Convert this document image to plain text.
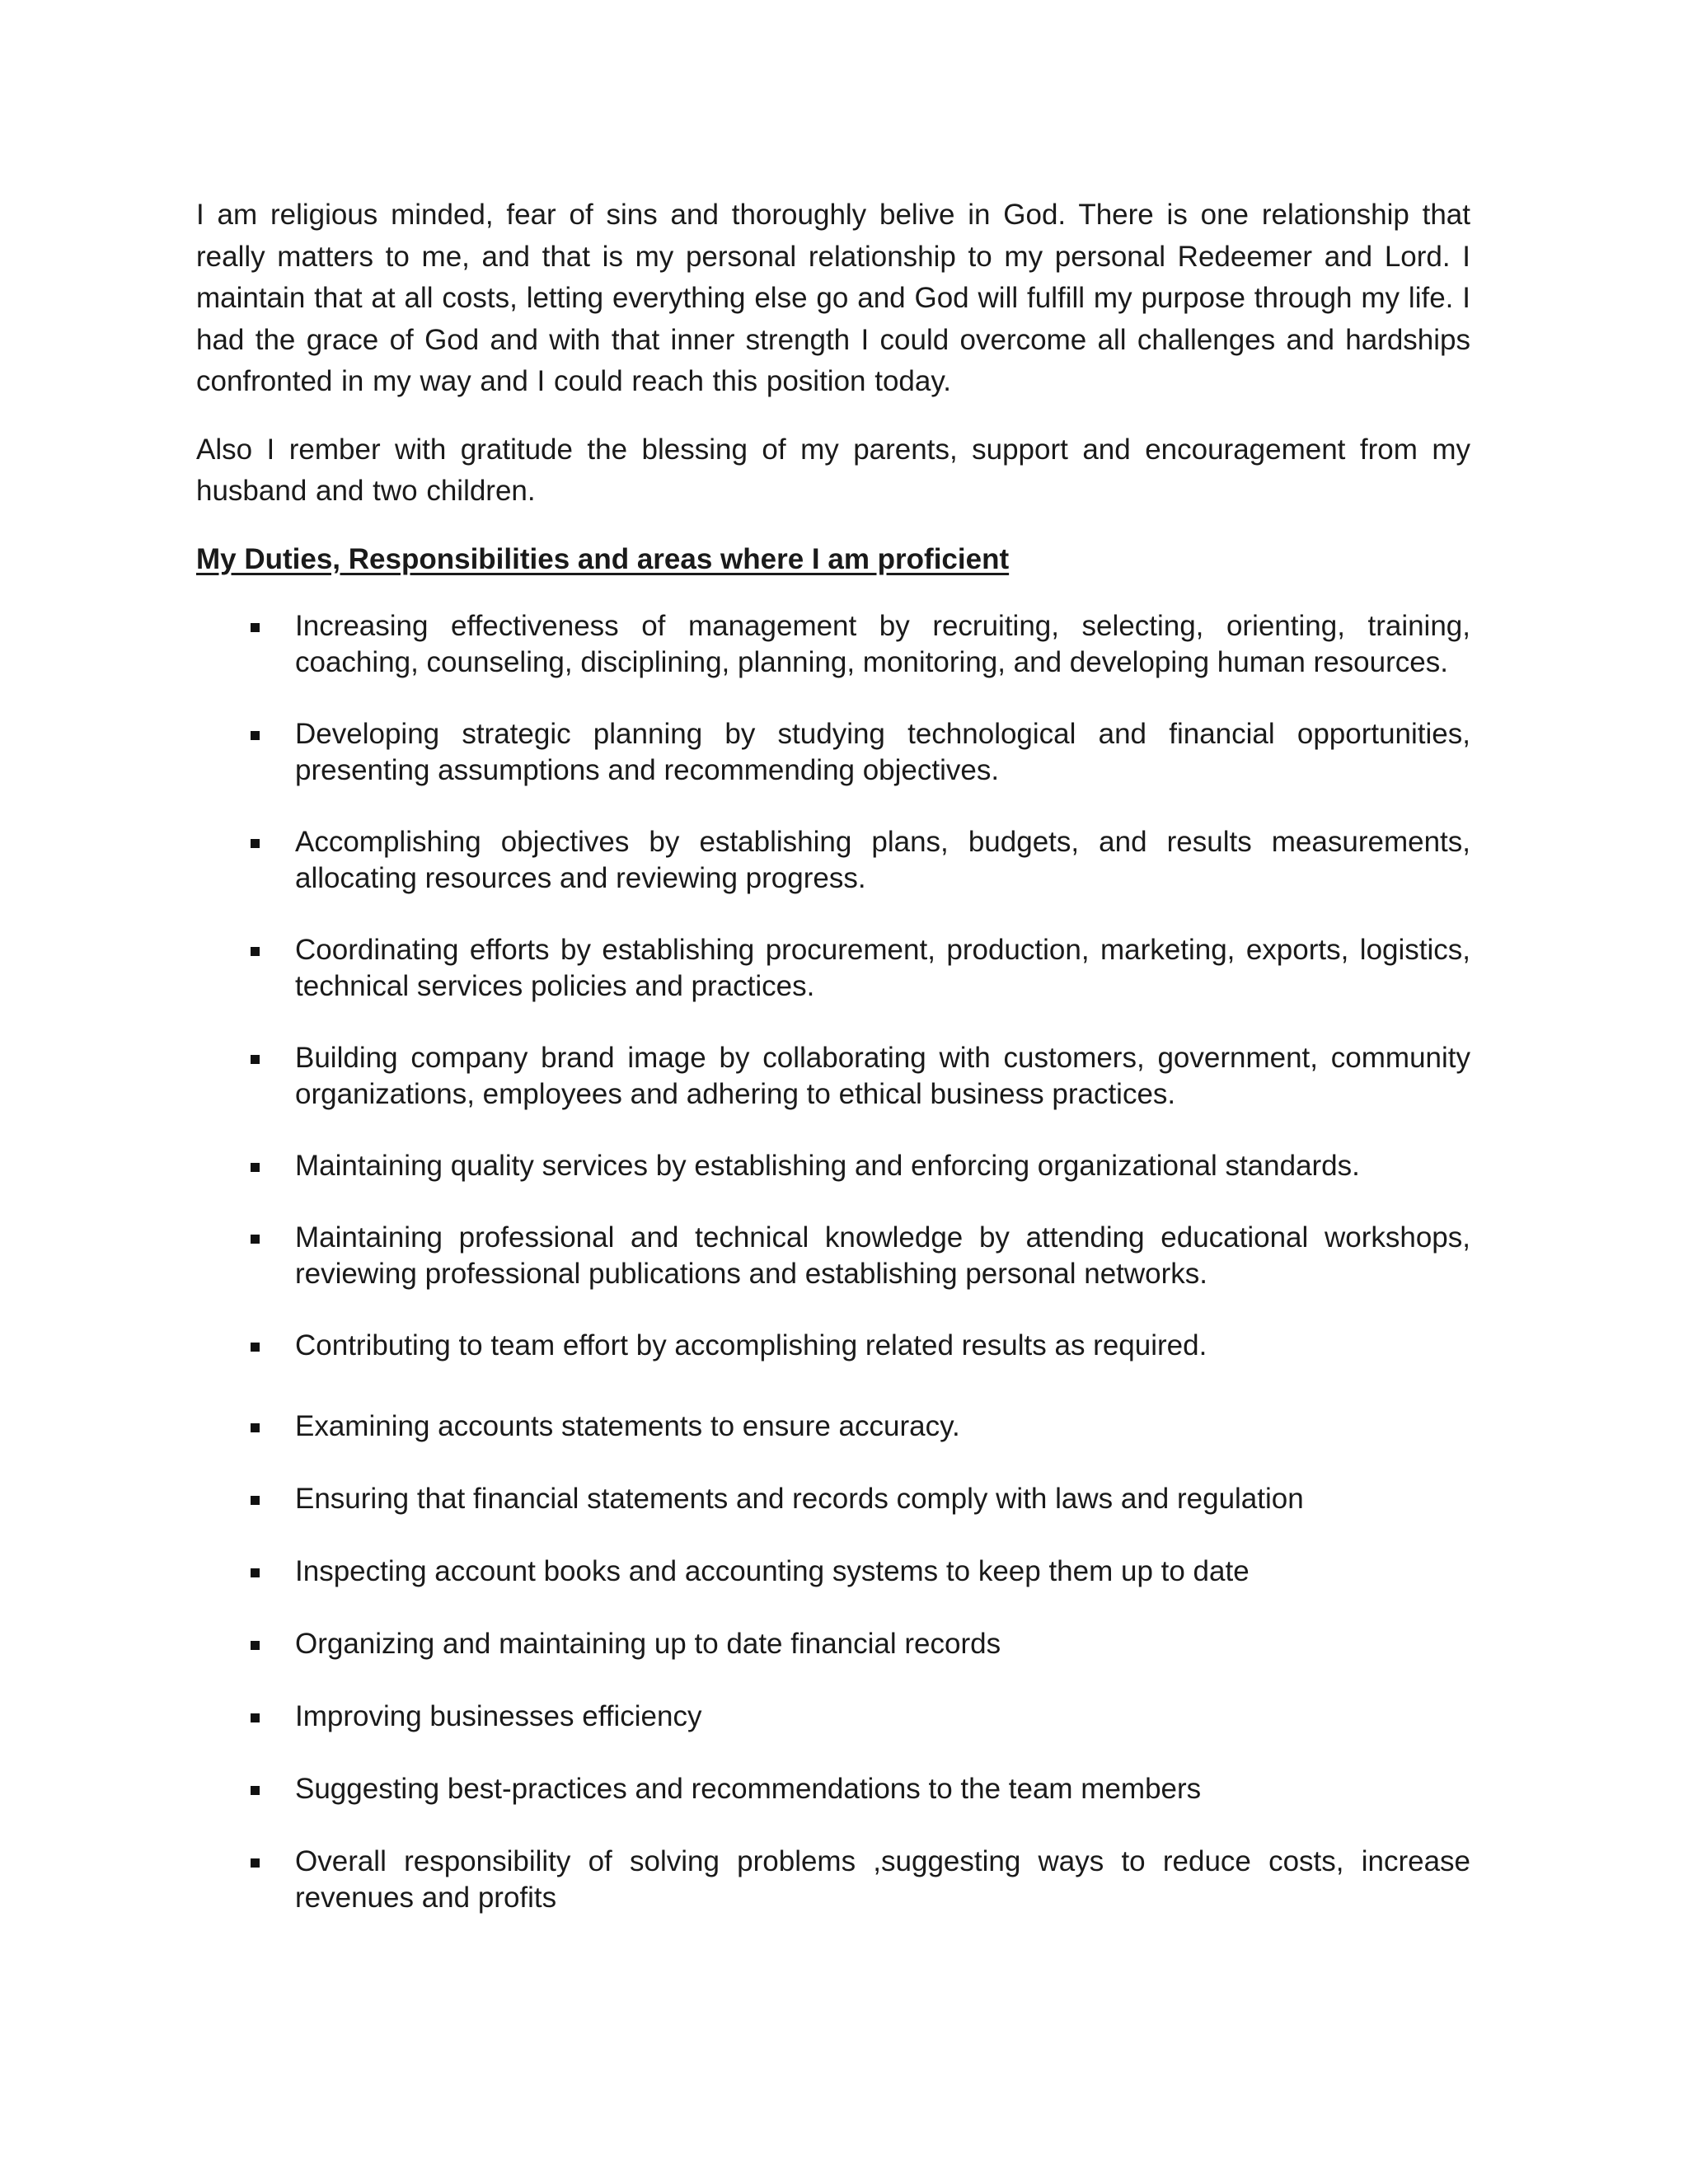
I am religious minded, fear of sins and thoroughly belive in God. There is one relationship that really matters to me, and that is my personal relationship to my personal Redeemer and Lord. I maintain that at all costs, letting everything else go and God will fulfill my purpose through my life. I had the grace of God and with that inner strength I could overcome all challenges and hardships confronted in my way and I could reach this position today.

Also I rember with gratitude the blessing of my parents, support and encouragement from my husband and two children.

My Duties, Responsibilities and areas where I am proficient
Increasing effectiveness of management by recruiting, selecting, orienting, training, coaching, counseling, disciplining, planning, monitoring, and developing human resources.
Developing strategic planning by studying technological and financial opportunities, presenting assumptions and recommending objectives.
Accomplishing objectives by establishing plans, budgets, and results measurements, allocating resources and reviewing progress.
Coordinating efforts by establishing procurement, production, marketing, exports, logistics, technical services policies and practices.
Building company brand image by collaborating with customers, government, community organizations, employees and adhering to ethical business practices.
Maintaining quality services by establishing and enforcing organizational standards.
Maintaining professional and technical knowledge by attending educational workshops, reviewing professional publications and establishing personal networks.
Contributing to team effort by accomplishing related results as required.
Examining accounts statements to ensure accuracy.
Ensuring that financial statements and records comply with laws and regulation
Inspecting account books and accounting systems to keep them up to date
Organizing and maintaining up to date financial records
Improving businesses efficiency
Suggesting best-practices and recommendations to the team members
Overall responsibility of solving problems ,suggesting ways to reduce costs, increase revenues and profits
